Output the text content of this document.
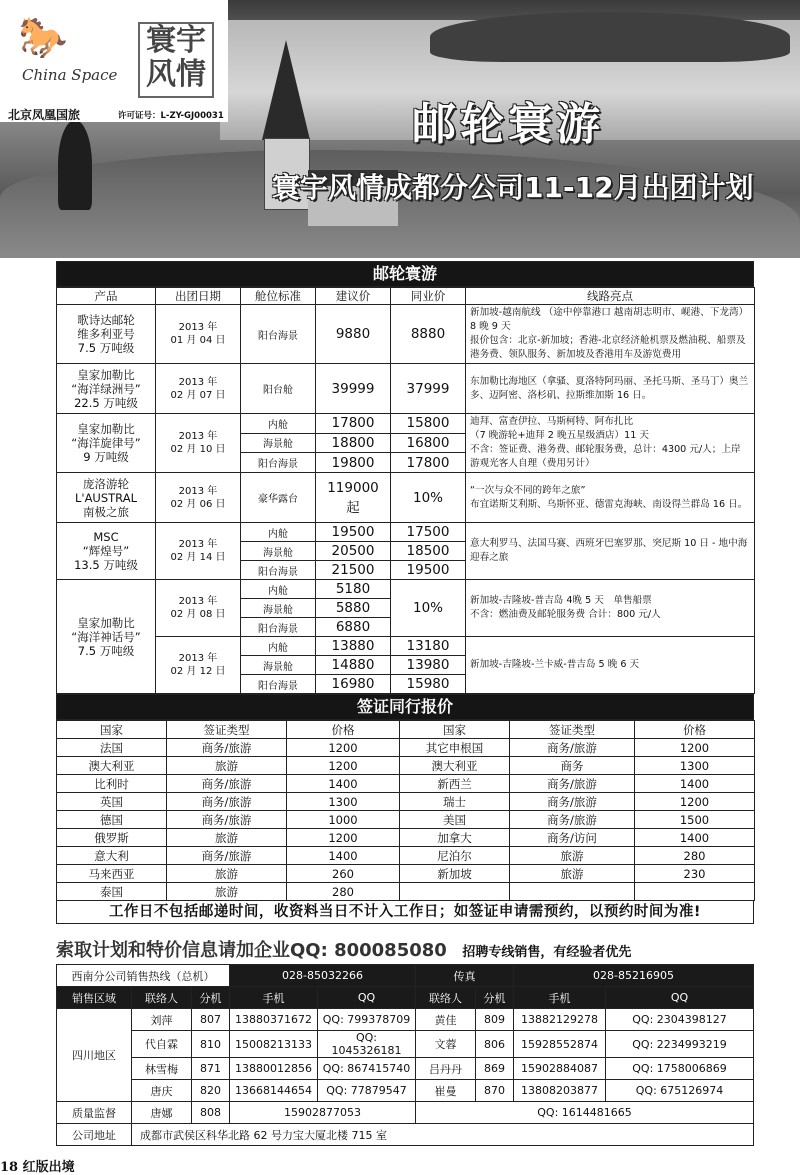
🐎
China Space
寰宇风情
北京凤凰国旅	许可证号：L-ZY-GJ00031	邮轮寰游
寰宇风情成都分公司11-12月出团计划
邮轮寰游
产品	出团日期	舱位标准	建议价	同业价	线路亮点
歌诗达邮轮
维多利亚号
7.5 万吨级	2013 年
01 月 04 日	阳台海景	9880	8880	新加坡-越南航线 （途中停靠港口 越南胡志明市、岘港、下龙湾）8 晚 9 天
报价包含：北京-新加坡；香港-北京经济舱机票及燃油税、船票及港务费、领队服务、新加坡及香港用车及游览费用
皇家加勒比
“海洋绿洲号”
22.5 万吨级	2013 年
02 月 07 日	阳台舱	39999	37999	东加勒比海地区（拿骚、夏洛特阿玛丽、圣托马斯、圣马丁）奥兰多、迈阿密、洛杉矶、拉斯维加斯 16 日。
皇家加勒比
“海洋旋律号”
9 万吨级	2013 年
02 月 10 日	内舱	17800	15800	迪拜、富查伊拉、马斯柯特、阿布扎比
（7 晚游轮+迪拜 2 晚五星级酒店）11 天
不含：签证费、港务费、邮轮服务费，总计：4300 元/人；上岸游观光客人自理（费用另计）
		海景舱	18800	16800	
		阳台海景	19800	17800	
庞洛游轮
L'AUSTRAL
南极之旅	2013 年
02 月 06 日	豪华露台	119000
起	10%	“一次与众不同的跨年之旅”
布宜诺斯艾利斯、乌斯怀亚、德雷克海峡、南设得兰群岛 16 日。
MSC
“辉煌号”
13.5 万吨级	2013 年
02 月 14 日	内舱	19500	17500	意大利罗马、法国马赛、西班牙巴塞罗那、突尼斯 10 日 - 地中海迎春之旅
		海景舱	20500	18500	
		阳台海景	21500	19500	
皇家加勒比
“海洋神话号”
7.5 万吨级	2013 年
02 月 08 日	内舱	5180	10%	新加坡-吉隆坡-普吉岛 4晚 5 天　单售船票
不含：燃油费及邮轮服务费 合计：800 元/人
		海景舱	5880		
		阳台海景	6880		
	2013 年
02 月 12 日	内舱	13880	13180	新加坡-吉隆坡-兰卡威-普吉岛 5 晚 6 天
		海景舱	14880	13980	
		阳台海景	16980	15980	
签证同行报价
国家	签证类型	价格	国家	签证类型	价格
法国	商务/旅游	1200	其它申根国	商务/旅游	1200
澳大利亚	旅游	1200	澳大利亚	商务	1300
比利时	商务/旅游	1400	新西兰	商务/旅游	1400
英国	商务/旅游	1300	瑞士	商务/旅游	1200
德国	商务/旅游	1000	美国	商务/旅游	1500
俄罗斯	旅游	1200	加拿大	商务/访问	1400
意大利	商务/旅游	1400	尼泊尔	旅游	280
马来西亚	旅游	260	新加坡	旅游	230
泰国	旅游	280			
工作日不包括邮递时间，收资料当日不计入工作日；如签证申请需预约，以预约时间为准!
索取计划和特价信息请加企业QQ: 800085080 招聘专线销售，有经验者优先
西南分公司销售热线（总机）			028-85032266		传真		028-85216905	
销售区域	联络人	分机	手机	QQ	联络人	分机	手机	QQ
四川地区	刘萍	807	13880371672	QQ: 799378709	黄佳	809	13882129278	QQ: 2304398127
	代自霖	810	15008213133	QQ: 1045326181	文蓉	806	15928552874	QQ: 2234993219
	林雪梅	871	13880012856	QQ: 867415740	吕丹丹	869	15902884087	QQ: 1758006869
	唐庆	820	13668144654	QQ: 77879547	崔曼	870	13808203877	QQ: 675126974
质量监督	唐娜	808	15902877053		QQ: 1614481665			
公司地址	成都市武侯区科华北路 62 号力宝大厦北楼 715 室							
18 红版出境
